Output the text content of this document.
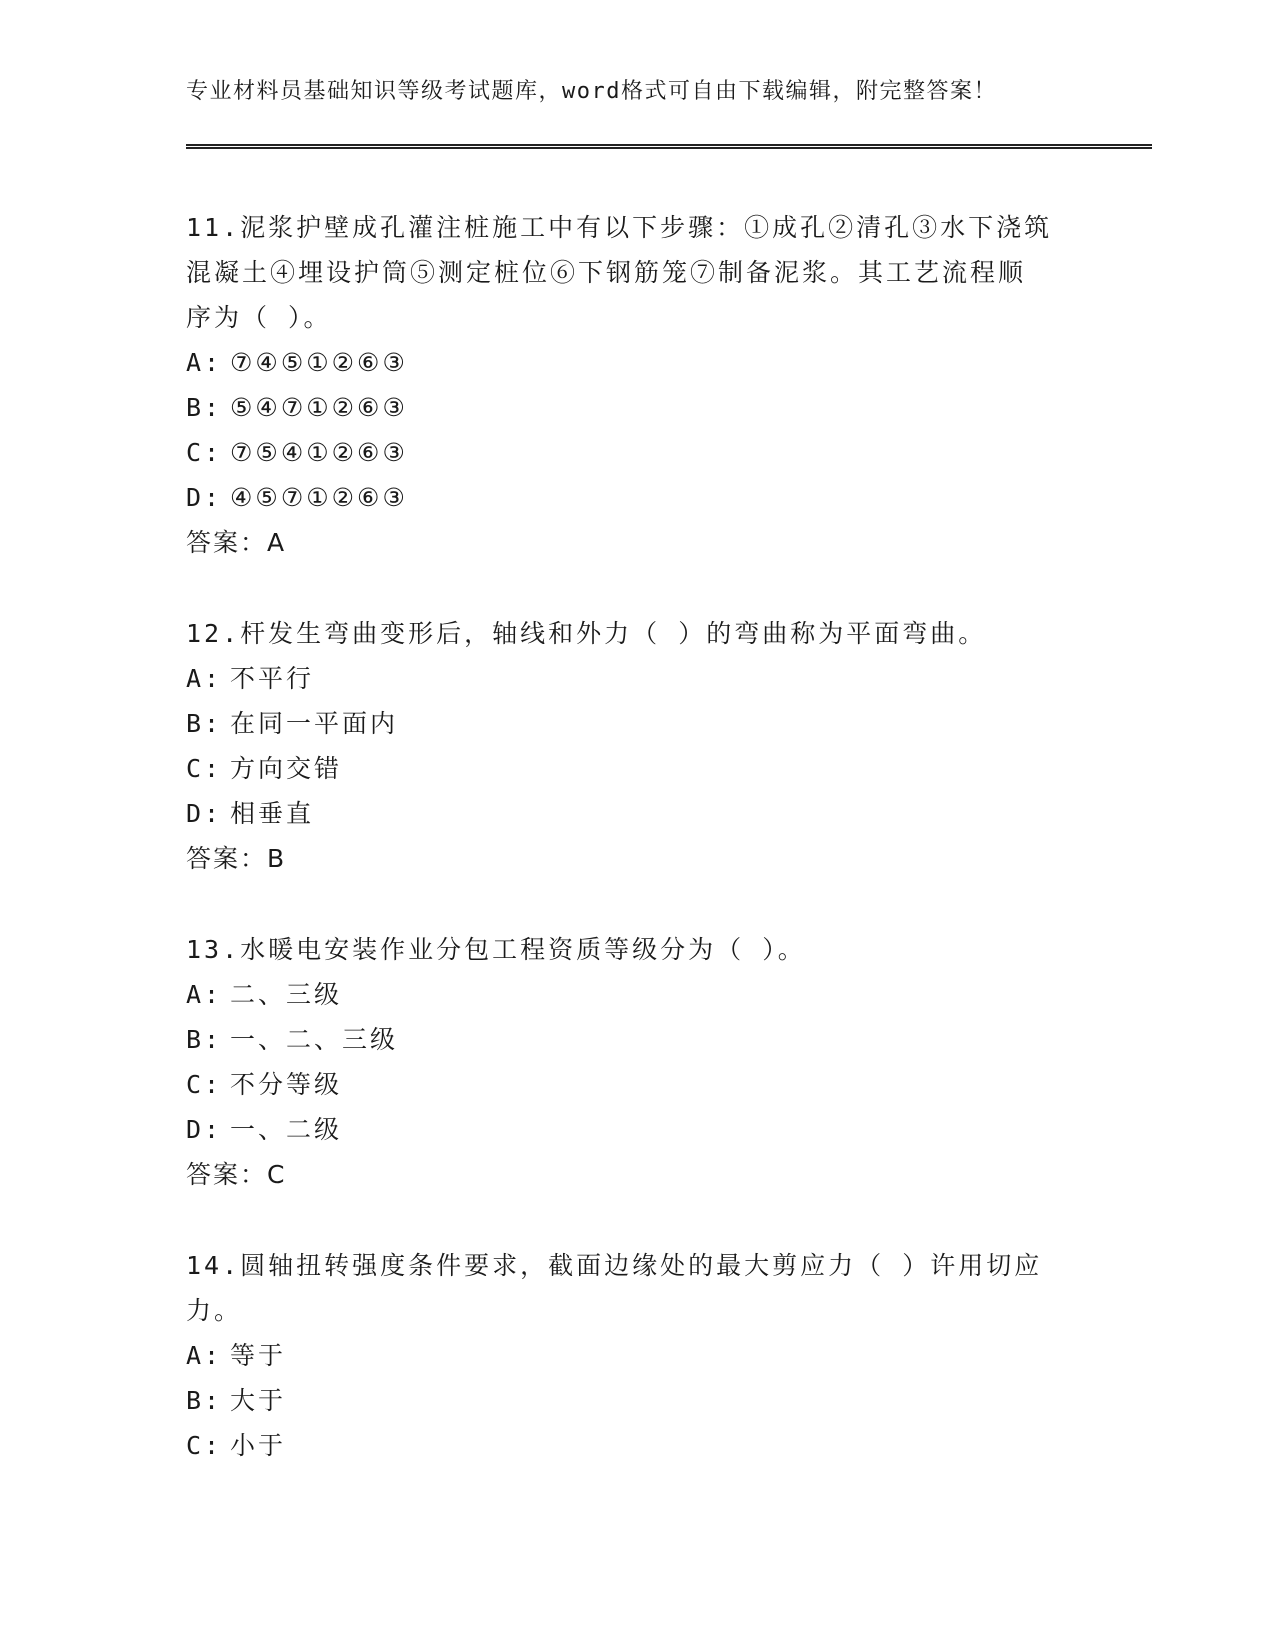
专业材料员基础知识等级考试题库，word格式可自由下载编辑，附完整答案！
11.泥浆护壁成孔灌注桩施工中有以下步骤：①成孔②清孔③水下浇筑
混凝土④埋设护筒⑤测定桩位⑥下钢筋笼⑦制备泥浆。其工艺流程顺
序为（ ）。
A: ⑦④⑤①②⑥③
B: ⑤④⑦①②⑥③
C: ⑦⑤④①②⑥③
D: ④⑤⑦①②⑥③
答案：A
12.杆发生弯曲变形后，轴线和外力（ ）的弯曲称为平面弯曲。
A: 不平行
B: 在同一平面内
C: 方向交错
D: 相垂直
答案：B
13.水暖电安装作业分包工程资质等级分为（ ）。
A: 二、三级
B: 一、二、三级
C: 不分等级
D: 一、二级
答案：C
14.圆轴扭转强度条件要求，截面边缘处的最大剪应力（ ）许用切应
力。
A: 等于
B: 大于
C: 小于
